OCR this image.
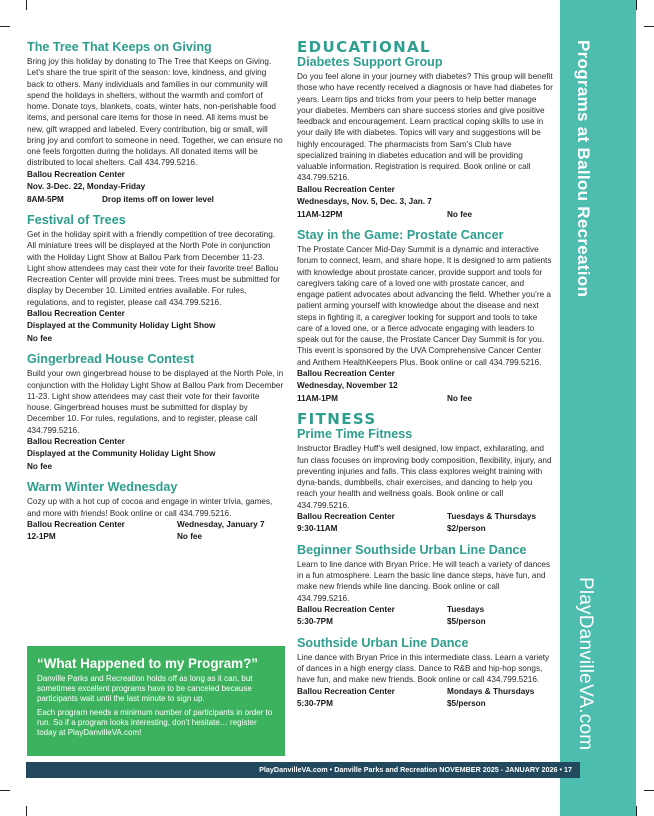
Programs at Ballou Recreation
PlayDanvilleVA.com
The Tree That Keeps on Giving

Bring joy this holiday by donating to The Tree that Keeps on Giving. Let’s share the true spirit of the season: love, kindness, and giving back to others. Many individuals and families in our community will spend the holidays in shelters, without the warmth and comfort of home. Donate toys, blankets, coats, winter hats, non-perishable food items, and personal care items for those in need. All items must be new, gift wrapped and labeled. Every contribution, big or small, will bring joy and comfort to someone in need. Together, we can ensure no one feels forgotten during the holidays. All donated items will be distributed to local shelters. Call 434.799.5216.

Ballou Recreation Center
Nov. 3-Dec. 22, Monday-Friday
8AM-5PM	Drop items off on lower level
Festival of Trees

Get in the holiday spirit with a friendly competition of tree decorating. All miniature trees will be displayed at the North Pole in conjunction with the Holiday Light Show at Ballou Park from December 11-23. Light show attendees may cast their vote for their favorite tree! Ballou Recreation Center will provide mini trees. Trees must be submitted for display by December 10. Limited entries available. For rules, regulations, and to register, please call 434.799.5216.

Ballou Recreation Center
Displayed at the Community Holiday Light Show
No fee
Gingerbread House Contest

Build your own gingerbread house to be displayed at the North Pole, in conjunction with the Holiday Light Show at Ballou Park from December 11-23. Light show attendees may cast their vote for their favorite house. Gingerbread houses must be submitted for display by December 10. For rules, regulations, and to register, please call 434.799.5216.

Ballou Recreation Center
Displayed at the Community Holiday Light Show
No fee
Warm Winter Wednesday

Cozy up with a hot cup of cocoa and engage in winter trivia, games, and more with friends! Book online or call 434.799.5216.

Ballou Recreation Center	Wednesday, January 7
12-1PM	No fee
“What Happened to my Program?”

Danville Parks and Recreation holds off as long as it can, but sometimes excellent programs have to be canceled because participants wait until the last minute to sign up.

Each program needs a minimum number of participants in order to run. So if a program looks interesting, don’t hesitate… register today at PlayDanvilleVA.com!

EDUCATIONAL
Diabetes Support Group

Do you feel alone in your journey with diabetes? This group will benefit those who have recently received a diagnosis or have had diabetes for years. Learn tips and tricks from your peers to help better manage your diabetes. Members can share success stories and give positive feedback and encouragement. Learn practical coping skills to use in your daily life with diabetes. Topics will vary and suggestions will be highly encouraged. The pharmacists from Sam’s Club have specialized training in diabetes education and will be providing valuable information. Registration is required. Book online or call 434.799.5216.

Ballou Recreation Center
Wednesdays, Nov. 5, Dec. 3, Jan. 7
11AM-12PM	No fee
Stay in the Game: Prostate Cancer

The Prostate Cancer Mid-Day Summit is a dynamic and interactive forum to connect, learn, and share hope. It is designed to arm patients with knowledge about prostate cancer, provide support and tools for caregivers taking care of a loved one with prostate cancer, and engage patient advocates about advancing the field. Whether you’re a patient arming yourself with knowledge about the disease and next steps in fighting it, a caregiver looking for support and tools to take care of a loved one, or a fierce advocate engaging with leaders to speak out for the cause, the Prostate Cancer Day Summit is for you. This event is sponsored by the UVA Comprehensive Cancer Center and Anthem HealthKeepers Plus. Book online or call 434.799.5216.

Ballou Recreation Center
Wednesday, November 12
11AM-1PM	No fee
FITNESS
Prime Time Fitness

Instructor Bradley Huff’s well designed, low impact, exhilarating, and fun class focuses on improving body composition, flexibility, injury, and preventing injuries and falls. This class explores weight training with dyna-bands, dumbbells, chair exercises, and dancing to help you reach your health and wellness goals. Book online or call 434.799.5216.

Ballou Recreation Center	Tuesdays & Thursdays
9:30-11AM	$2/person
Beginner Southside Urban Line Dance

Learn to line dance with Bryan Price. He will teach a variety of dances in a fun atmosphere. Learn the basic line dance steps, have fun, and make new friends while line dancing. Book online or call 434.799.5216.

Ballou Recreation Center	Tuesdays
5:30-7PM	$5/person
Southside Urban Line Dance

Line dance with Bryan Price in this intermediate class. Learn a variety of dances in a high energy class. Dance to R&B and hip-hop songs, have fun, and make new friends. Book online or call 434.799.5216.

Ballou Recreation Center	Mondays & Thursdays
5:30-7PM	$5/person
PlayDanvilleVA.com • Danville Parks and Recreation NOVEMBER 2025 - JANUARY 2026 • 17
